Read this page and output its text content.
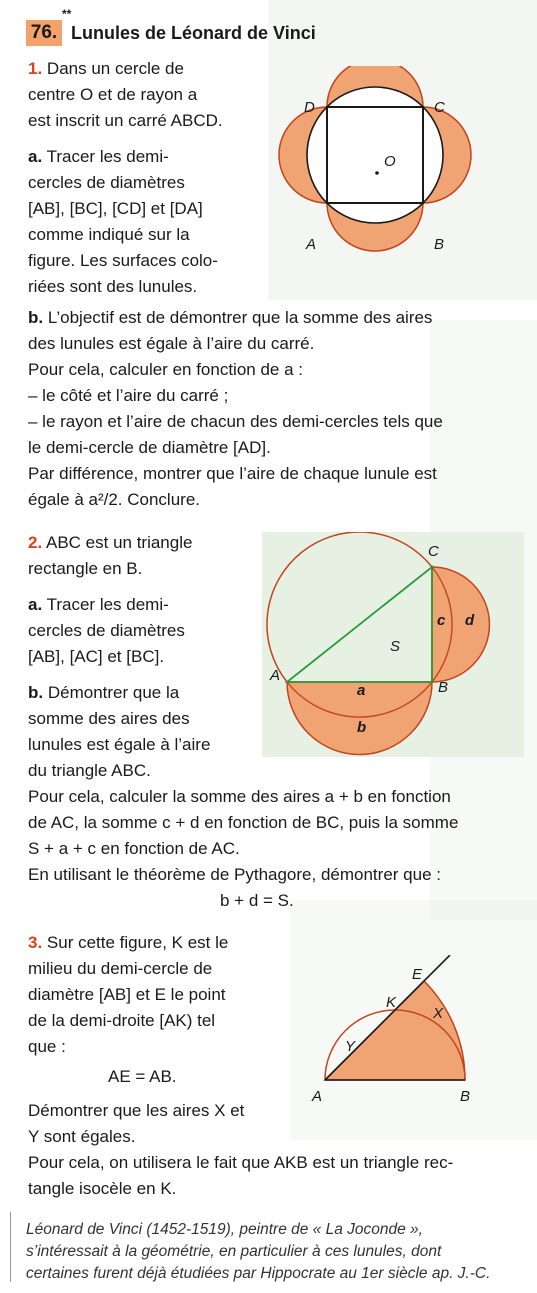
**
76. Lunules de Léonard de Vinci
1. Dans un cercle de
centre O et de rayon a
est inscrit un carré ABCD.
a. Tracer les demi-
cercles de diamètres
[AB], [BC], [CD] et [DA]
comme indiqué sur la
figure. Les surfaces colo-
riées sont des lunules.
D	C
O
A	B
b. L’objectif est de démontrer que la somme des aires
des lunules est égale à l’aire du carré.
Pour cela, calculer en fonction de a :
– le côté et l’aire du carré ;
– le rayon et l’aire de chacun des demi-cercles tels que
le demi-cercle de diamètre [AD].
Par différence, montrer que l’aire de chaque lunule est
égale à a²/2. Conclure.
2. ABC est un triangle
rectangle en B.
a. Tracer les demi-
cercles de diamètres
[AB], [AC] et [BC].
b. Démontrer que la
somme des aires des
lunules est égale à l’aire
du triangle ABC.
C
A
B
S
a
b
c d
Pour cela, calculer la somme des aires a + b en fonction
de AC, la somme c + d en fonction de BC, puis la somme
S + a + c en fonction de AC.
En utilisant le théorème de Pythagore, démontrer que :
b + d = S.
3. Sur cette figure, K est le
milieu du demi-cercle de
diamètre [AB] et E le point
de la demi-droite [AK) tel
que :
AE = AB.
E
K
X
Y
A	B
Démontrer que les aires X et
Y sont égales.
Pour cela, on utilisera le fait que AKB est un triangle rec-
tangle isocèle en K.
Léonard de Vinci (1452-1519), peintre de « La Joconde »,
s’intéressait à la géométrie, en particulier à ces lunules, dont
certaines furent déjà étudiées par Hippocrate au 1er siècle ap. J.-C.
